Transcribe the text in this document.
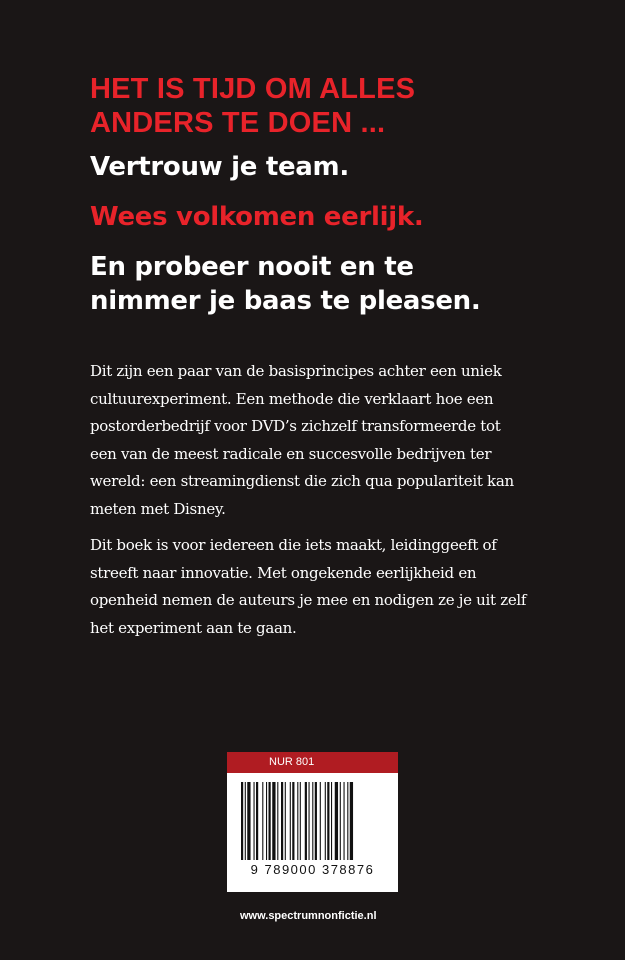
HET IS TIJD OM ALLES
ANDERS TE DOEN ...

Vertrouw je team.

Wees volkomen eerlijk.

En probeer nooit en te nimmer je baas te pleasen.

Dit zijn een paar van de basisprincipes achter een uniek cultuurexperiment. Een methode die verklaart hoe een postorderbedrijf voor DVD’s zichzelf transformeerde tot een van de meest radicale en succesvolle bedrijven ter wereld: een streamingdienst die zich qua populariteit kan meten met Disney.

Dit boek is voor iedereen die iets maakt, leidinggeeft of streeft naar innovatie. Met ongekende eerlijkheid en openheid nemen de auteurs je mee en nodigen ze je uit zelf het experiment aan te gaan.

NUR 801
9 789000 378876
www.spectrumnonfictie.nl
